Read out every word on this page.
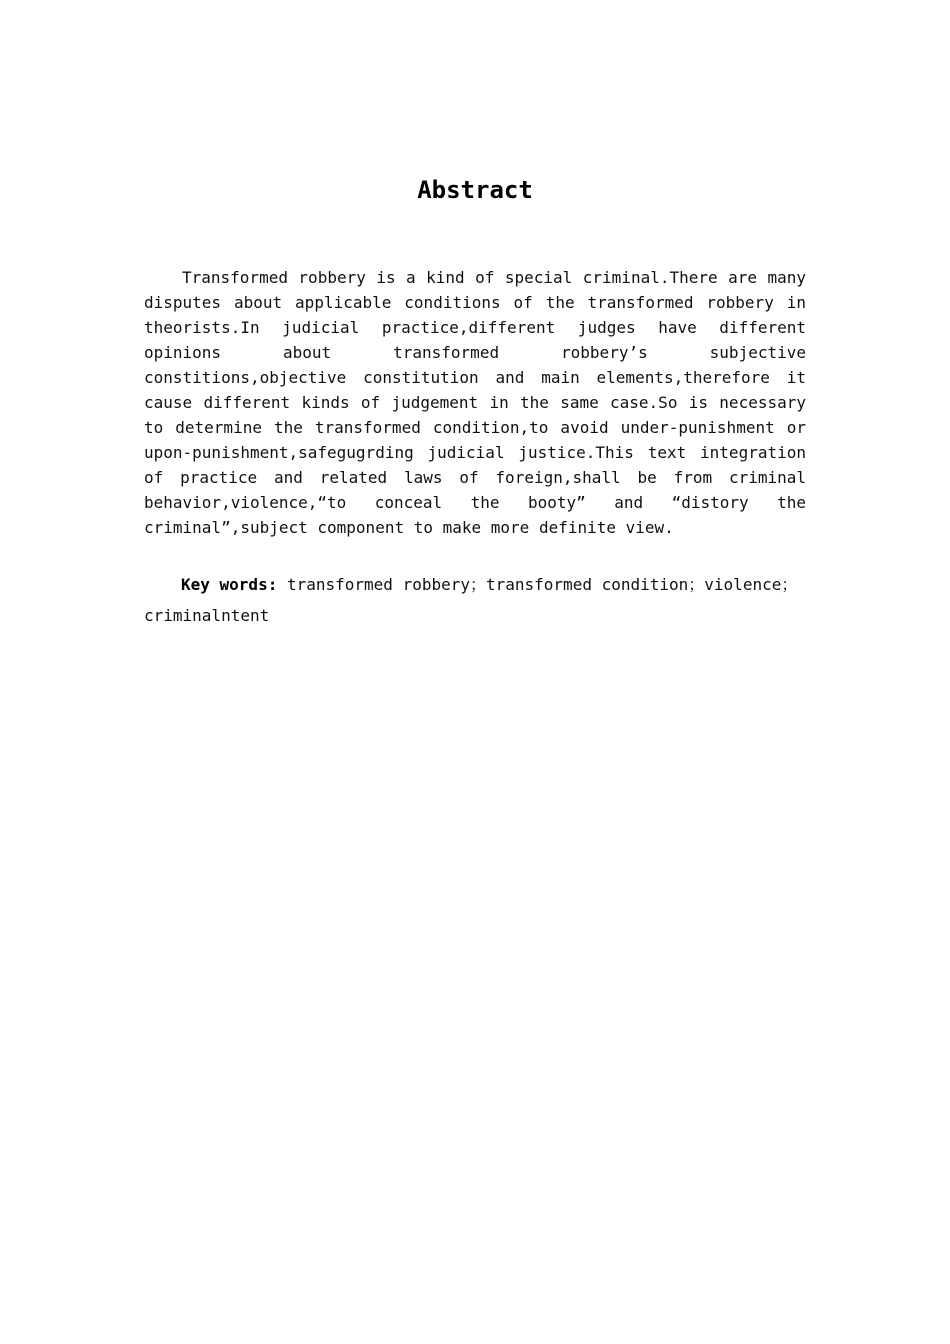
Abstract

Transformed robbery is a kind of special criminal.There are many disputes about applicable conditions of the transformed robbery in theorists.In judicial practice,different judges have different opinions about transformed robbery’s subjective constitions,objective constitution and main elements,therefore it cause different kinds of judgement in the same case.So is necessary to determine the transformed condition,to avoid under-punishment or upon-punishment,safegugrding judicial justice.This text integration of practice and related laws of foreign,shall be from criminal behavior,violence,“to conceal the booty” and “distory the criminal”,subject component to make more definite view.

Key words: transformed robbery；transformed condition；violence；criminalntent
